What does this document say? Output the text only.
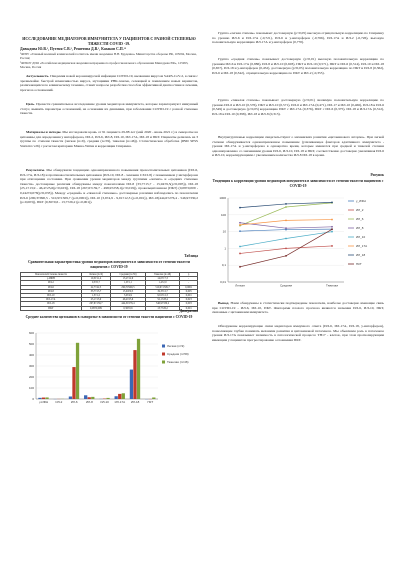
ИССЛЕДОВАНИЕ МЕДИАТОРОВ ИММУНИТЕТА У ПАЦИЕНТОВ С РАЗНОЙ СТЕПЕНЬЮ ТЯЖЕСТИ COVID -19.
Давыдова Ю.В.¹, Путеня С.В.², Решетова Д.В.¹, Казаков С.П.¹²
¹ФГБУ «Главный военный клинический госпиталь имени академика Н.Н. Бурденко» Министерства обороны РФ, 105094, Москва, Россия;
²ФГБОУ ДПО «Российская медицинская академия непрерывного профессионального образования Минздрава РФ», 125993, Москва, Россия

Актуальность. Пандемия новой коронавирусной инфекции COVID-19, вызванная вирусом SARS-CoV-2, в связи с чрезвычайно быстрой изменчивостью вируса, мутациями РНК-генома, селекцией и появлением новых вариантов, различающихся по клиническому течению, ставит вопросы разработки способов эффективной диагностики и лечения, прогноза осложнений.

Цель. Провести сравнительное исследование уровня медиаторов иммунитета, которые характеризуют иммунный статус, выявить параметры осложнений, на основании их динамики, при заболевании COVID-19 с разной степенью тяжести.

Материалы и методы. Мы исследовали кровь от 91 пациента 29-88 лет (май 2020 - июнь 2021 г.) в сыворотке на цитокины для определения у интерферона, ИЛ-2, ИЛ-6, ИЛ-8, ИЛ-10, ИЛ-17А, ИЛ-18 и ПКТ. Пациенты делились на 3 группы по степени тяжести (легкая (n=9), средняя (n=59), тяжелая (n=46)). Статистическая обработка (IBM SPSS Statistics v26) с расчетом критериев Манна-Уитни и корреляции Спирмена.

Результаты. Мы обнаружили тенденцию однонаправленного повышения провоспалительных цитокинов (ИЛ-6, ИЛ-17А, ИЛ-18) и противовоспалительных цитокинов (ИЛ-10, ИЛ-8 - хемокин CXCL8) с повышением у интерферона при отягощении состояния. При сравнении уровня медиаторов между группами «легких» и «средних степенью тяжести» достоверные различия обнаружены между показателями ИЛ-8 (33,7±15,7 - 15,94±9,5(р<0,005)), ИЛ-18 (25,1±13,9 - 46,4±25,6(р<0,023)), ИЛ-18 (267,6±159,7 - 498,9±258,1(р<0,019)), прокальцитонином (ПКТ) (0,08±0,009 - 0,242±0,078(р<0,033)). Между «средней» и «тяжелой степенью» достоверные различия наблюдались по показателям ИЛ-6 (290,3±990,5 - 510,9±1509,7 (р=0,0001)), ИЛ-10 (3,9±4,9 - 9,91±12,3 (р=0,001)), ИЛ-18(444,6±276,4 - 546,9±330,2 (р=0,003)), ПКТ (0,36±0,6 - 13,7±26,2 (р=0,001)).

Таблица
Сравнительная характеристика уровня медиаторов иммунитета в зависимости от степени тяжести пациентов с COVID-19
Показатели\Степень тяжести	Легкая (n=9)	Средняя (n=59)	Тяжелая (n=46)	р
γ-ИФН	10,6±11,4	13,2±12,9	14,0±17,3	-
ИЛ-2	0,5±0,7	1,0±1,1	1,4±2,0	-
ИЛ-6	22,7±42,5	290,3±990,5	510,9±1509,7	0,0001
ИЛ-8	33,7±15,7	15,94±9,5	19,3±12,7	0,005
ИЛ-10	1,3±1,2	3,9±4,9	9,91±12,3	0,001
ИЛ-17А	25,1±13,9	46,4±25,6	52,1±28,4	0,023
ИЛ-18	267,6±159,7	444,6±276,4	546,9±330,2	0,003
ПКТ	0,08±0,009	0,36±0,6	13,7±26,2	0,001
Диаграмма
Среднее количество цитокинов в сыворотке в зависимости от степени тяжести пациентов с COVID-19
0
100
200
300
400
500
600
γ-ИФН ИЛ-2	ИЛ-6	ИЛ-8	ИЛ-10 ИЛ-17А ИЛ-18	ПКТ
Легкая (n=9)
Средняя (n=59)
Тяжелая (n=46)

Группа «легкая степень» показывает достоверную (р<0,05) высокую отрицательную корреляцию по Спирмену по уровню ИЛ-6 и ИЛ-17A (-0,721), ИЛ-6 и у-интерферон (-0,766), ИЛ-17А и ИЛ-2 (-0,726), высокую положительную корреляцию ИЛ-17А и у-интерферон (0,770).

Группа «средняя степень» показывает достоверную (р<0,01) высокую положительную корреляцию по уровням ИЛ-6 и ИЛ-17А (0,886), ИЛ-8 и ИЛ-10 (0,603), ПКТ и ИЛ-10 (0,571), ПКТ и ИЛ-6 (0,514), ИЛ-10 и ИЛ-18 (0,657), ИЛ-18 и у-интерферон (0,452), достоверную (р<0,05) положительную корреляцию по ПКТ и ИЛ-8 (0,362), ИЛ-6 и ИЛ-18 (0,342), отрицательную корреляцию по ПКТ и ИЛ-2 (-0,355).

Группа «тяжелая степень» показывает достоверную (р<0,01) значимую положительную корреляцию по уровню ИЛ-6 и ИЛ-10 (0,576), ПКТ и ИЛ-10 (0,571), ИЛ-6 и ИЛ-17A (0,471), ИЛ-17 и ИЛ-10 (0,466), ИЛ-18 и ИЛ-6 (0,549) и достоверную (р<0,05) корреляцию ПКТ с ИЛ-17А (0,376), ПКТ с ИЛ-6 (0,375), ИЛ-18 и ИЛ-17А (0,312), ИЛ-18 и ИЛ-10 (0,398), ИЛ-18 и ИЛ-8 (0,313).

Внутригрупповые корреляции свидетельствуют о механизмах развития «цитокинового шторма». При легкой степени обнаруживается однонаправленное повышение (усиливающее факторов адаптивного иммунитета - уровня ИЛ-17А и у-интерферона в однократно время, которые меняются при средней и тяжелой степени однонаправленно со значениями уровня ИЛ-6, ИЛ-10, ИЛ-18 и ПКТ, соответственно достоверно увеличивая ИЛ-6 и ИЛ-10, коррелирующими с увеличением количества ИЛ-8 ИЛ-18 в крови.

Рисунок
Тенденция к корреляции уровня медиаторов иммунитета в зависимости от степени тяжести пациентов с COVID-19
0,01
0,1
1
10
100
1000
Легкая	Средняя	Тяжелая
у_ИФН
ИЛ_2
ИЛ_6
ИЛ_8
ИЛ_10
ИЛ_17А
ИЛ_18
ПКТ

Вывод. Нами обнаружены в статистически подтверждены показатели, наиболее достоверно имеющие связь при COVID-19 - ИЛ-6, ИЛ-10, ПКТ. Факторами плохого прогноза являются значения ИЛ-6, ИЛ-10, ПКТ, связанные с цитокинами иммунитета.

Обнаружены коррелирующие связи медиаторов иммунного ответа (ИЛ-6, ИЛ-17А, ИЛ-18, у-интерферон), позволяющие глубже понимать механизм развития и цитокиновой патогенеза. Мы объясняем роль в патогенезе уровня ИЛ-17А показывает значимость в патологической процессе ТН17 - клеток, при этом прогнозирующим имеющим у пациентов прогрессирование осложнения ПКТ.
